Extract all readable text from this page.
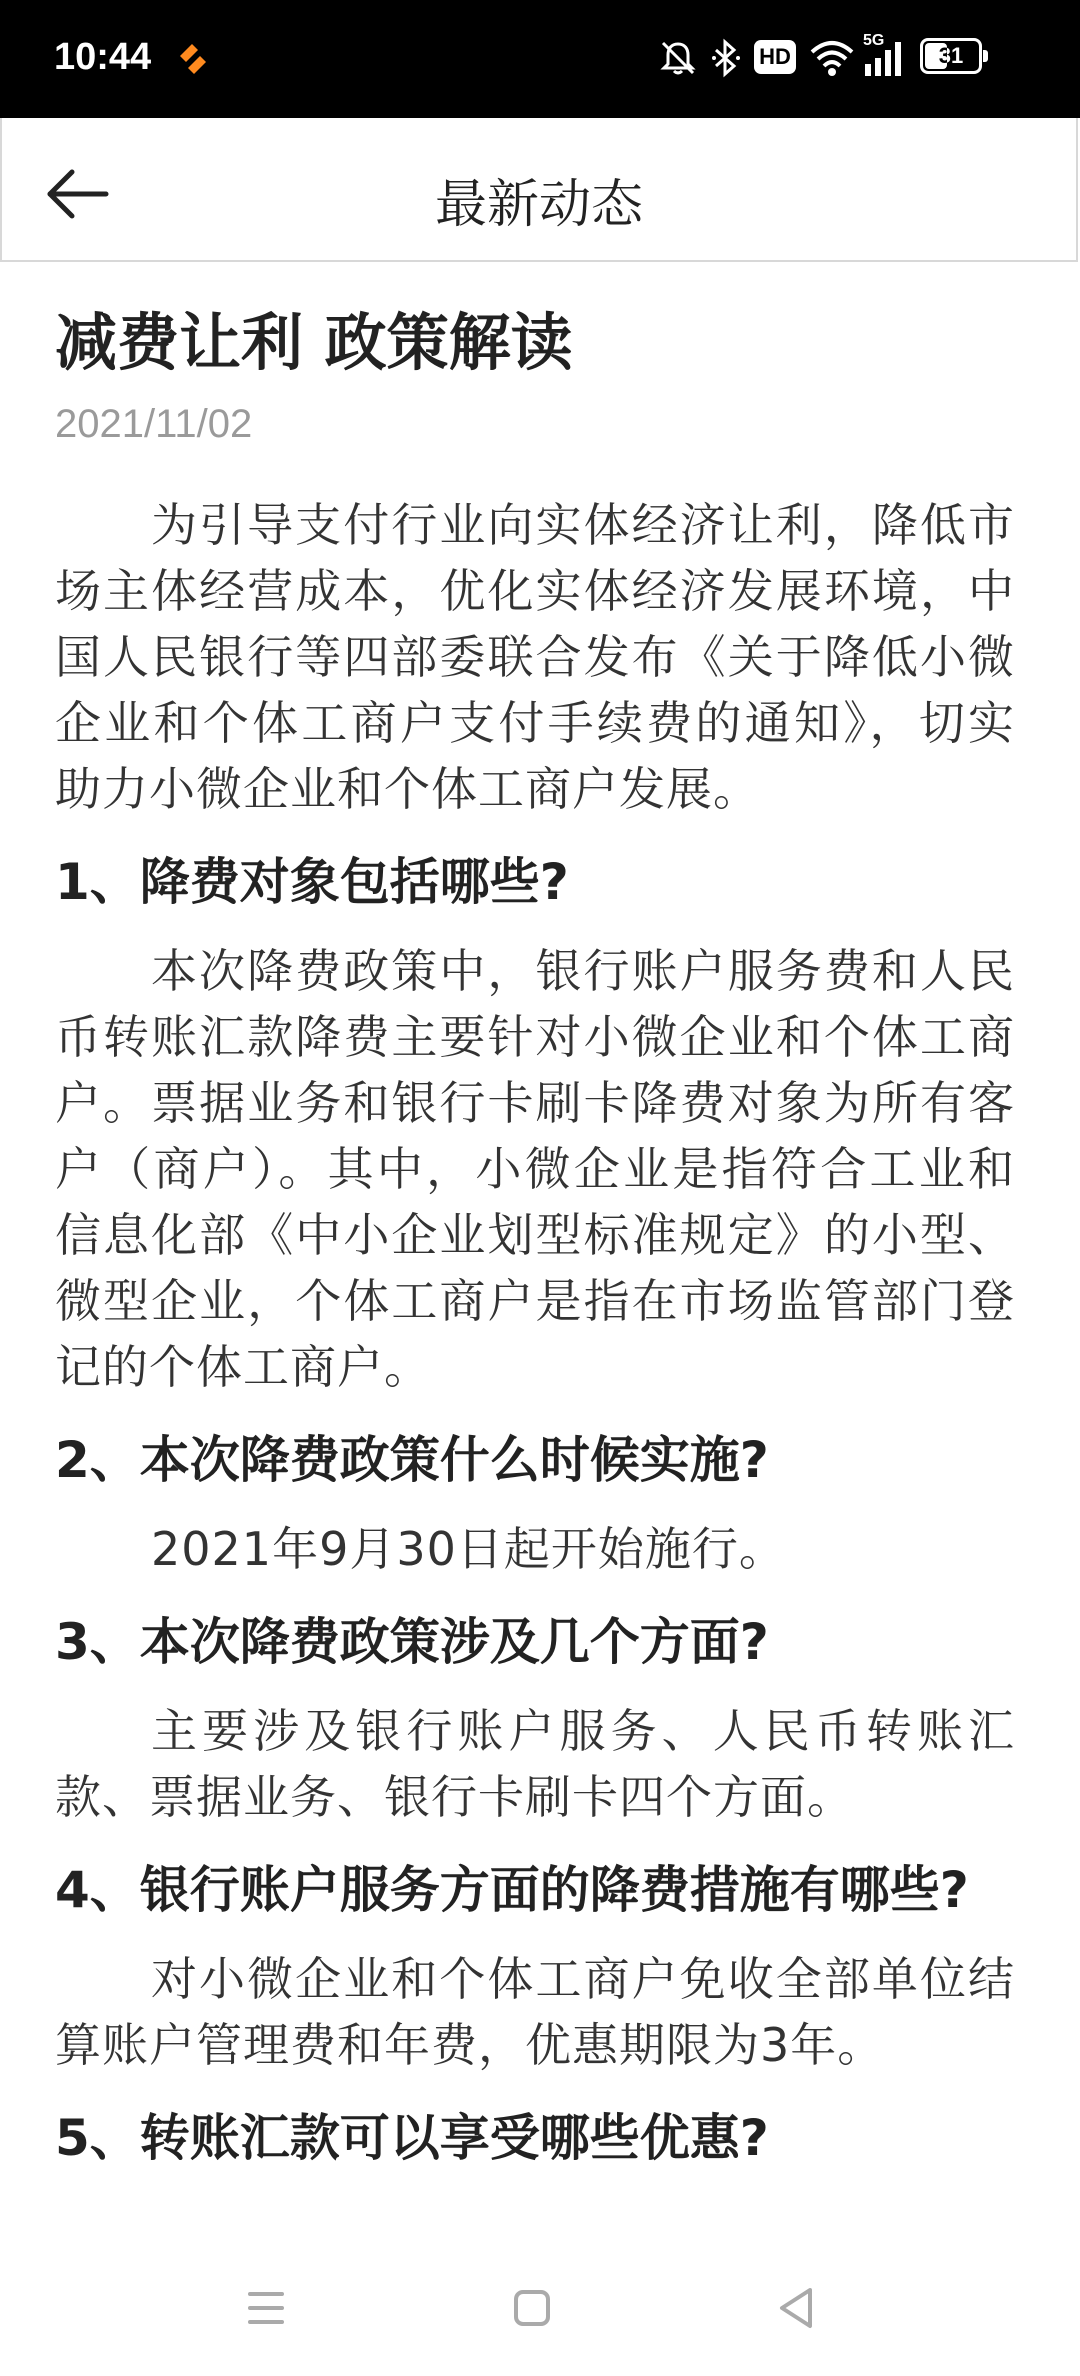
10:44	HD
5G
31
最新动态
减费让利 政策解读
2021/11/02

为引导支付行业向实体经济让利，降低市场主体经营成本，优化实体经济发展环境，中国人民银行等四部委联合发布《关于降低小微企业和个体工商户支付手续费的通知》，切实助力小微企业和个体工商户发展。

1、降费对象包括哪些?

本次降费政策中，银行账户服务费和人民币转账汇款降费主要针对小微企业和个体工商户。票据业务和银行卡刷卡降费对象为所有客户（商户）。其中，小微企业是指符合工业和信息化部《中小企业划型标准规定》的小型、微型企业，个体工商户是指在市场监管部门登记的个体工商户。

2、本次降费政策什么时候实施?

2021年9月30日起开始施行。

3、本次降费政策涉及几个方面?

主要涉及银行账户服务、人民币转账汇款、票据业务、银行卡刷卡四个方面。

4、银行账户服务方面的降费措施有哪些?

对小微企业和个体工商户免收全部单位结算账户管理费和年费，优惠期限为3年。

5、转账汇款可以享受哪些优惠?
